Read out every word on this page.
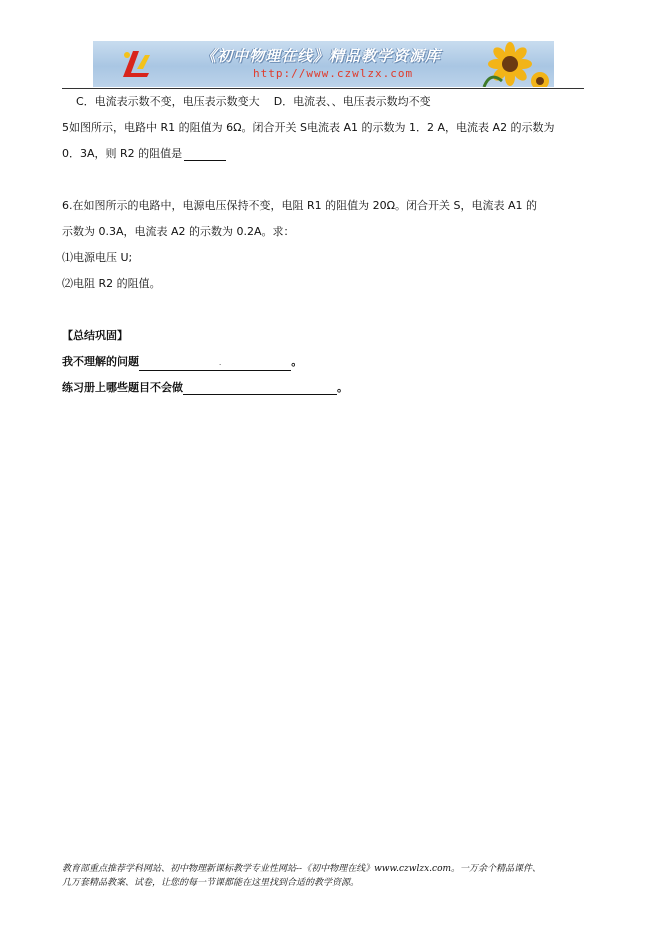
《初中物理在线》精品教学资源库
http://www.czwlzx.com
C．电流表示数不变，电压表示数变大 D．电流表、、电压表示数均不变
5如图所示，电路中 R1 的阻值为 6Ω。闭合开关 S电流表 A1 的示数为 1．2 A，电流表 A2 的示数为
0．3A，则 R2 的阻值是
6.在如图所示的电路中，电源电压保持不变，电阻 R1 的阻值为 20Ω。闭合开关 S，电流表 A1 的
示数为 0.3A，电流表 A2 的示数为 0.2A。求：
⑴电源电压 U;
⑵电阻 R2 的阻值。
【总结巩固】
我不理解的问题	.	。
练习册上哪些题目不会做	。
教育部重点推荐学科网站、初中物理新课标教学专业性网站--《初中物理在线》www.czwlzx.com。一万余个精品课件、
几万套精品教案、试卷，让您的每一节课都能在这里找到合适的教学资源。
